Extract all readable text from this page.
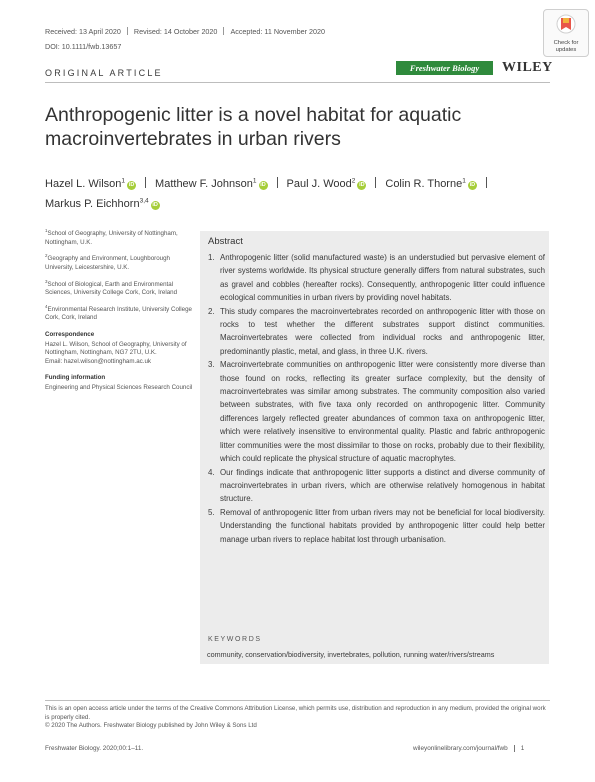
Received: 13 April 2020 Revised: 14 October 2020 Accepted: 11 November 2020
DOI: 10.1111/fwb.13657	Check for updates
ORIGINAL ARTICLE	Freshwater Biology	WILEY
Anthropogenic litter is a novel habitat for aquatic macroinvertebrates in urban rivers
Hazel L. Wilson$^1$iD Matthew F. Johnson$^1$iD Paul J. Wood$^2$iD Colin R. Thorne$^1$iD
Markus P. Eichhorn$^{3,4}$iD

$^1$School of Geography, University of Nottingham, Nottingham, U.K.

$^2$Geography and Environment, Loughborough University, Leicestershire, U.K.

$^3$School of Biological, Earth and Environmental Sciences, University College Cork, Cork, Ireland

$^4$Environmental Research Institute, University College Cork, Cork, Ireland

Correspondence

Hazel L. Wilson, School of Geography, University of Nottingham, Nottingham, NG7 2TU, U.K.
Email: hazel.wilson@nottingham.ac.uk

Funding information

Engineering and Physical Sciences Research Council

Abstract
1. Anthropogenic litter (solid manufactured waste) is an understudied but pervasive element of river systems worldwide. Its physical structure generally differs from natural substrates, such as gravel and cobbles (hereafter rocks). Consequently, anthropogenic litter could influence ecological communities in urban rivers by providing novel habitats.
2. This study compares the macroinvertebrates recorded on anthropogenic litter with those on rocks to test whether the different substrates support distinct communities. Macroinvertebrates were collected from individual rocks and anthropogenic litter, predominantly plastic, metal, and glass, in three U.K. rivers.
3. Macroinvertebrate communities on anthropogenic litter were consistently more diverse than those found on rocks, reflecting its greater surface complexity, but the density of macroinvertebrates was similar among substrates. The community composition also varied between substrates, with five taxa only recorded on anthropogenic litter. Community differences largely reflected greater abundances of common taxa on anthropogenic litter, which were relatively insensitive to environmental quality. Plastic and fabric anthropogenic litter communities were the most dissimilar to those on rocks, probably due to their flexibility, which could replicate the physical structure of aquatic macrophytes.
4. Our findings indicate that anthropogenic litter supports a distinct and diverse community of macroinvertebrates in urban rivers, which are otherwise relatively homogenous in habitat structure.
5. Removal of anthropogenic litter from urban rivers may not be beneficial for local biodiversity. Understanding the functional habitats provided by anthropogenic litter could help better manage urban rivers to replace habitat lost through urbanisation.
KEYWORDS
community, conservation/biodiversity, invertebrates, pollution, running water/rivers/streams

This is an open access article under the terms of the Creative Commons Attribution License, which permits use, distribution and reproduction in any medium, provided the original work is properly cited.

© 2020 The Authors. Freshwater Biology published by John Wiley & Sons Ltd

Freshwater Biology. 2020;00:1–11.	wileyonlinelibrary.com/journal/fwb 1
